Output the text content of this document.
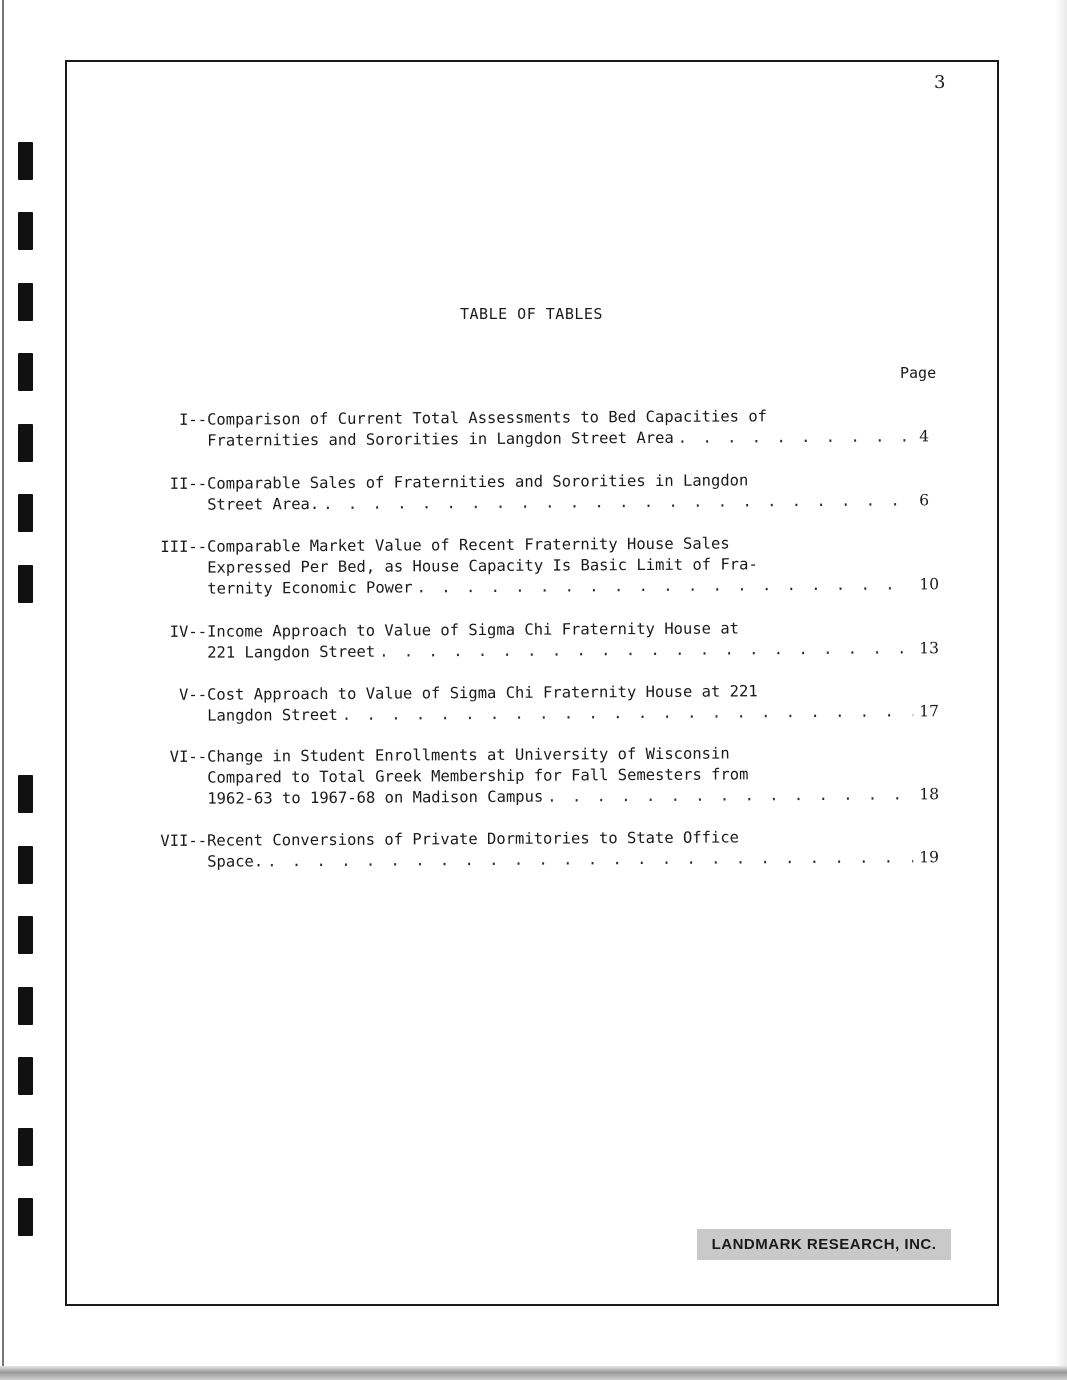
3
TABLE OF TABLES
Page
I--Comparison of Current Total Assessments to Bed Capacities of
Fraternities and Sororities in Langdon Street Area . . .	4
II--Comparable Sales of Fraternities and Sororities in Langdon
Street Area. . . .	6
III--Comparable Market Value of Recent Fraternity House Sales
Expressed Per Bed, as House Capacity Is Basic Limit of Fra-
ternity Economic Power . . .	10
IV--Income Approach to Value of Sigma Chi Fraternity House at
221 Langdon Street . . .	13
V--Cost Approach to Value of Sigma Chi Fraternity House at 221
Langdon Street . . .	17
VI--Change in Student Enrollments at University of Wisconsin
Compared to Total Greek Membership for Fall Semesters from
1962-63 to 1967-68 on Madison Campus . . .	18
VII--Recent Conversions of Private Dormitories to State Office
Space. . . .	19
LANDMARK RESEARCH, INC.
